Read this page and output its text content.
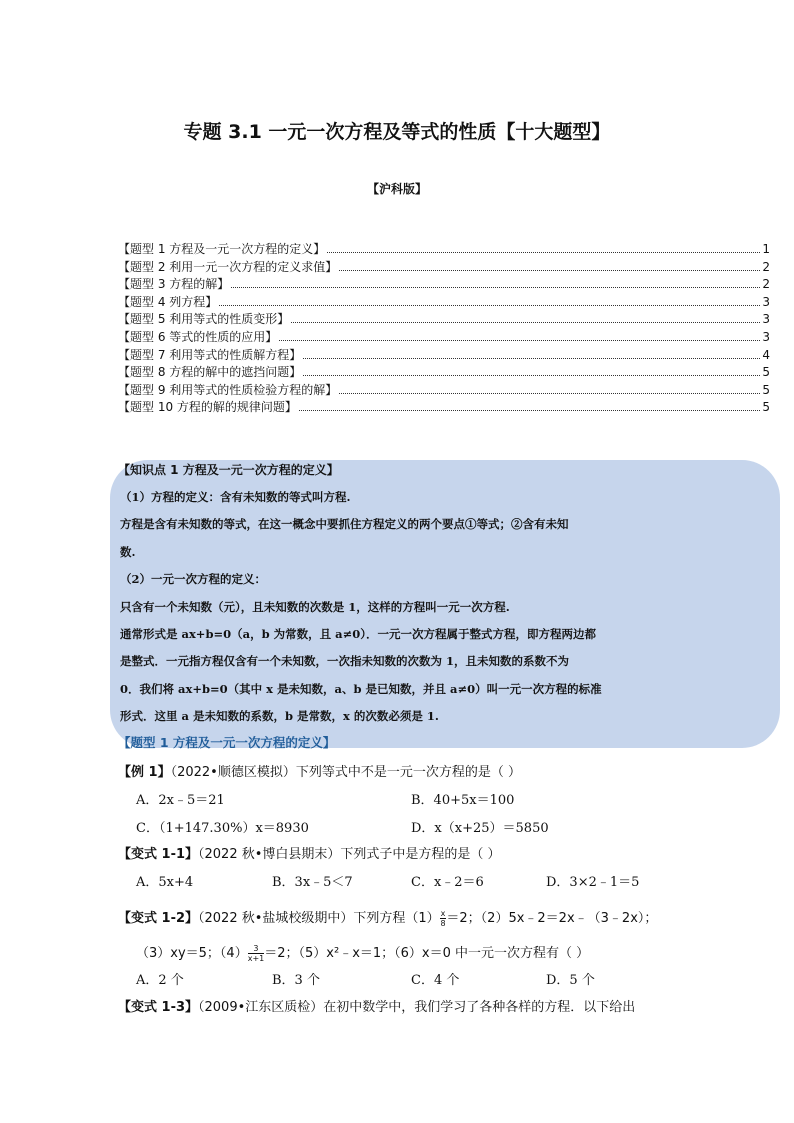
专题 3.1 一元一次方程及等式的性质【十大题型】
【沪科版】
【题型 1 方程及一元一次方程的定义】	1
【题型 2 利用一元一次方程的定义求值】	2
【题型 3 方程的解】	2
【题型 4 列方程】	3
【题型 5 利用等式的性质变形】	3
【题型 6 等式的性质的应用】	3
【题型 7 利用等式的性质解方程】	4
【题型 8 方程的解中的遮挡问题】	5
【题型 9 利用等式的性质检验方程的解】	5
【题型 10 方程的解的规律问题】	5
【知识点 1 方程及一元一次方程的定义】
（1）方程的定义：含有未知数的等式叫方程.
方程是含有未知数的等式，在这一概念中要抓住方程定义的两个要点①等式；②含有未知
数.
（2）一元一次方程的定义：
只含有一个未知数（元），且未知数的次数是 1，这样的方程叫一元一次方程.
通常形式是 ax+b=0（a，b 为常数，且 a≠0）．一元一次方程属于整式方程，即方程两边都
是整式．一元指方程仅含有一个未知数，一次指未知数的次数为 1，且未知数的系数不为
0．我们将 ax+b=0（其中 x 是未知数，a、b 是已知数，并且 a≠0）叫一元一次方程的标准
形式．这里 a 是未知数的系数，b 是常数，x 的次数必须是 1.
【题型 1 方程及一元一次方程的定义】
【例 1】（2022•顺德区模拟）下列等式中不是一元一次方程的是（ ）
A．2x﹣5＝21	B．40+5x＝100
C．（1+147.30%）x＝8930	D．x（x+25）＝5850
【变式 1-1】（2022 秋•博白县期末）下列式子中是方程的是（ ）
A．5x+4	B．3x﹣5＜7	C．x﹣2＝6	D．3×2﹣1＝5
【变式 1-2】（2022 秋•盐城校级期中）下列方程$(1) \frac{x}{8} =2$；（2）5x﹣2＝2x﹣（3﹣2x）；
（3）xy＝5；$(4) \frac{3}{x+1} =2$；（5）x²﹣x＝1；（6）x＝0 中一元一次方程有（ ）
A．2 个	B．3 个	C．4 个	D．5 个
【变式 1-3】（2009•江东区质检）在初中数学中，我们学习了各种各样的方程．以下给出
